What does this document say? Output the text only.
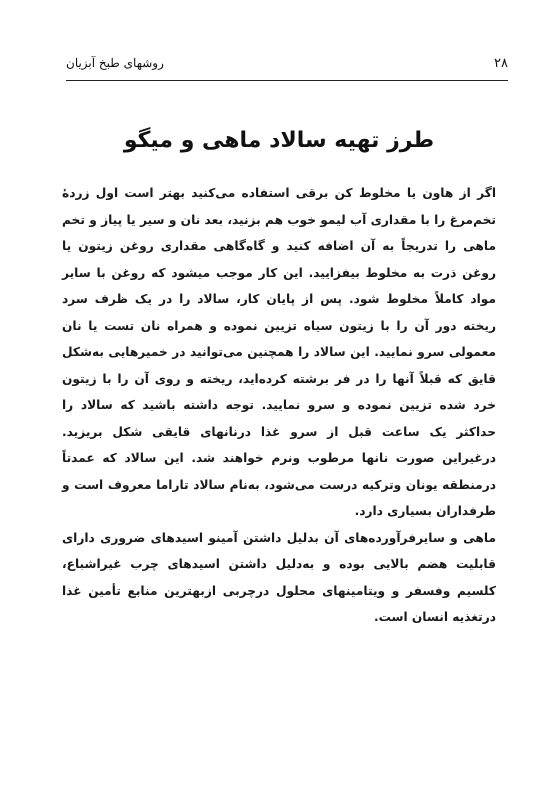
۲۸
روشهای طبخ آبزیان
طرز تهیه سالاد ماهی و میگو

اگر از هاون یا مخلوط کن برقی استفاده می‌کنید بهتر است اول زردهٔ تخم‌مرغ را با مقداری آب لیمو خوب هم بزنید، بعد نان و سیر یا پیاز و تخم ماهی را تدریجاً به آن اضافه کنید و گاه‌گاهی مقداری روغن زیتون یا روغن ذرت به مخلوط بیفزایید. این کار موجب میشود که روغن با سایر مواد کاملاً مخلوط شود. پس از پایان کار، سالاد را در یک ظرف سرد ریخته دور آن را با زیتون سیاه تزیین نموده و همراه نان تست یا نان معمولی سرو نمایید. این سالاد را همچنین می‌توانید در خمیرهایی به‌شکل قایق که قبلاً آنها را در فر برشته کرده‌اید، ریخته و روی آن را با زیتون خرد شده تزیین نموده و سرو نمایید. توجه داشته باشید که سالاد را حداکثر یک ساعت قبل از سرو غذا درنانهای قایقی شکل بریزید. درغیراین صورت نانها مرطوب ونرم خواهند شد. این سالاد که عمدتاً درمنطقه یونان وترکیه درست می‌شود، به‌نام سالاد تاراما معروف است و طرفداران بسیاری دارد.

ماهی و سایرفرآورده‌های آن بدلیل داشتن آمینو اسیدهای ضروری دارای قابلیت هضم بالایی بوده و به‌دلیل داشتن اسیدهای چرب غیراشباع، کلسیم وفسفر و ویتامینهای محلول درچربی ازبهترین منابع تأمین غذا درتغذیه انسان است.
